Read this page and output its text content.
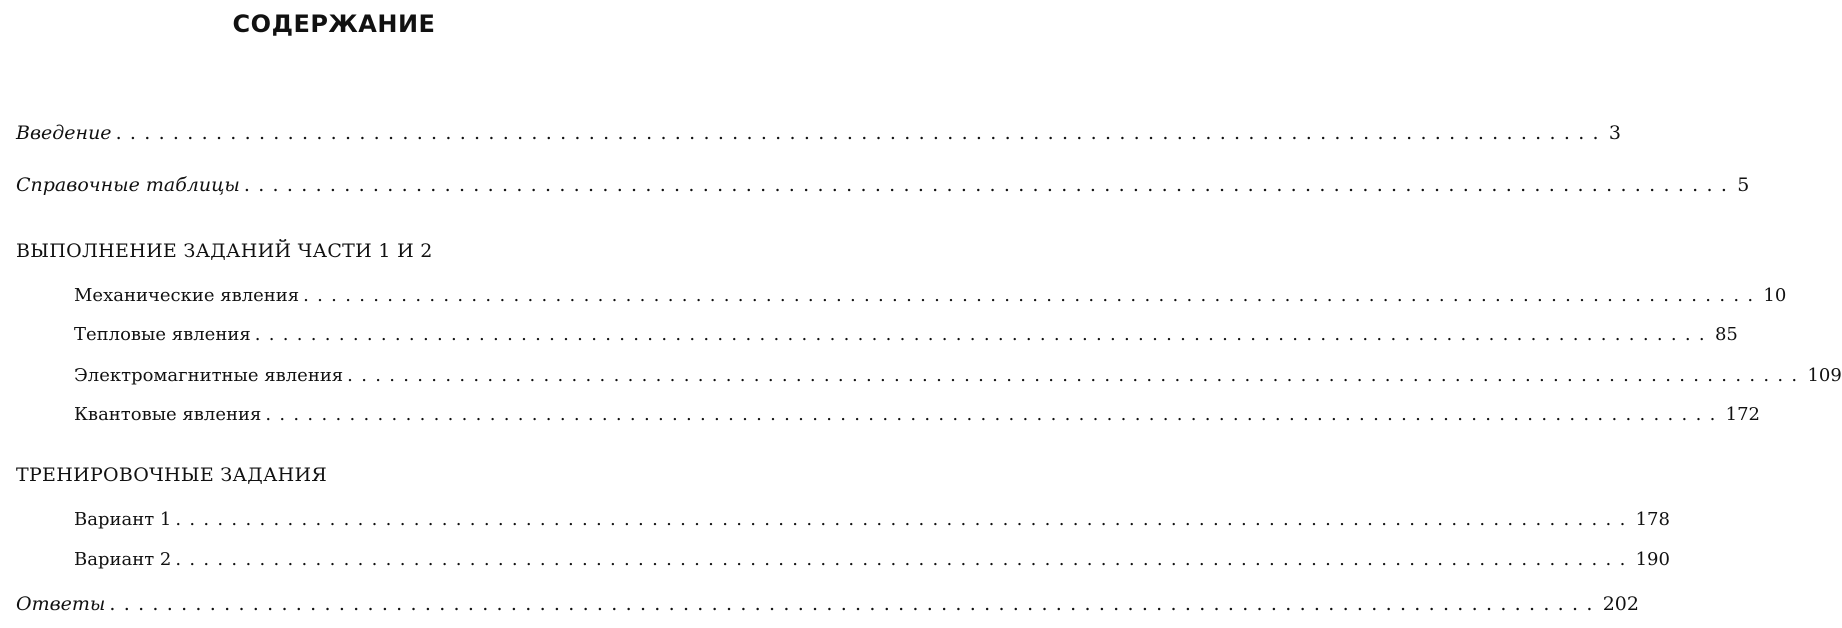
СОДЕРЖАНИЕ
Введение ........................................................................................................ 3
Справочные таблицы ........................................................................................................ 5
ВЫПОЛНЕНИЕ ЗАДАНИЙ ЧАСТИ 1 И 2
Механические явления ........................................................................................................ 10
Тепловые явления ........................................................................................................ 85
Электромагнитные явления ........................................................................................................ 109
Квантовые явления ........................................................................................................ 172
ТРЕНИРОВОЧНЫЕ ЗАДАНИЯ
Вариант 1 ........................................................................................................ 178
Вариант 2 ........................................................................................................ 190
Ответы ........................................................................................................ 202
